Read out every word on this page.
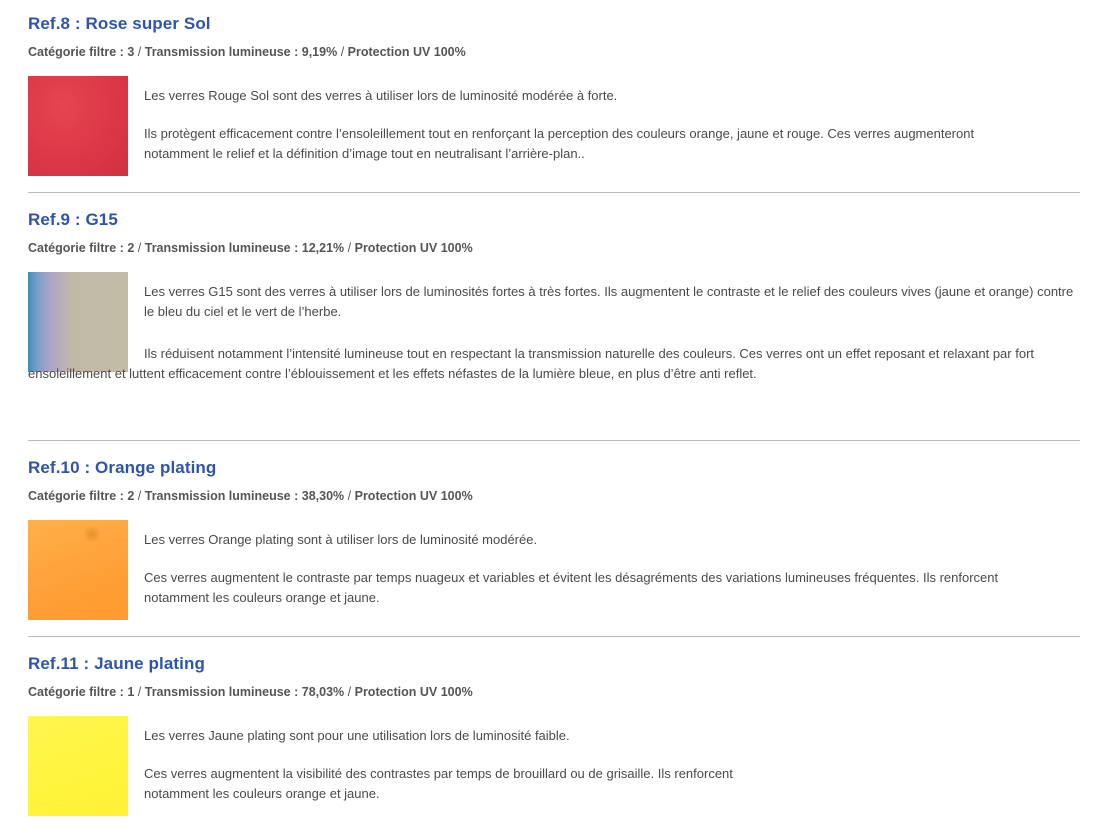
Ref.8 : Rose super Sol
Catégorie filtre : 3 / Transmission lumineuse : 9,19% / Protection UV 100%

Les verres Rouge Sol sont des verres à utiliser lors de luminosité modérée à forte.

Ils protègent efficacement contre l’ensoleillement tout en renforçant la perception des couleurs orange, jaune et rouge. Ces verres augmenteront notamment le relief et la définition d’image tout en neutralisant l’arrière-plan..

Ref.9 : G15
Catégorie filtre : 2 / Transmission lumineuse : 12,21% / Protection UV 100%

Les verres G15 sont des verres à utiliser lors de luminosités fortes à très fortes. Ils augmentent le contraste et le relief des couleurs vives (jaune et orange) contre le bleu du ciel et le vert de l’herbe.

Ils réduisent notamment l’intensité lumineuse tout en respectant la transmission naturelle des couleurs. Ces verres ont un effet reposant et relaxant par fort ensoleillement et luttent efficacement contre l’éblouissement et les effets néfastes de la lumière bleue, en plus d’être anti reflet.

Ref.10 : Orange plating
Catégorie filtre : 2 / Transmission lumineuse : 38,30% / Protection UV 100%

Les verres Orange plating sont à utiliser lors de luminosité modérée.

Ces verres augmentent le contraste par temps nuageux et variables et évitent les désagréments des variations lumineuses fréquentes. Ils renforcent notamment les couleurs orange et jaune.

Ref.11 : Jaune plating
Catégorie filtre : 1 / Transmission lumineuse : 78,03% / Protection UV 100%

Les verres Jaune plating sont pour une utilisation lors de luminosité faible.

Ces verres augmentent la visibilité des contrastes par temps de brouillard ou de grisaille. Ils renforcent notamment les couleurs orange et jaune.
